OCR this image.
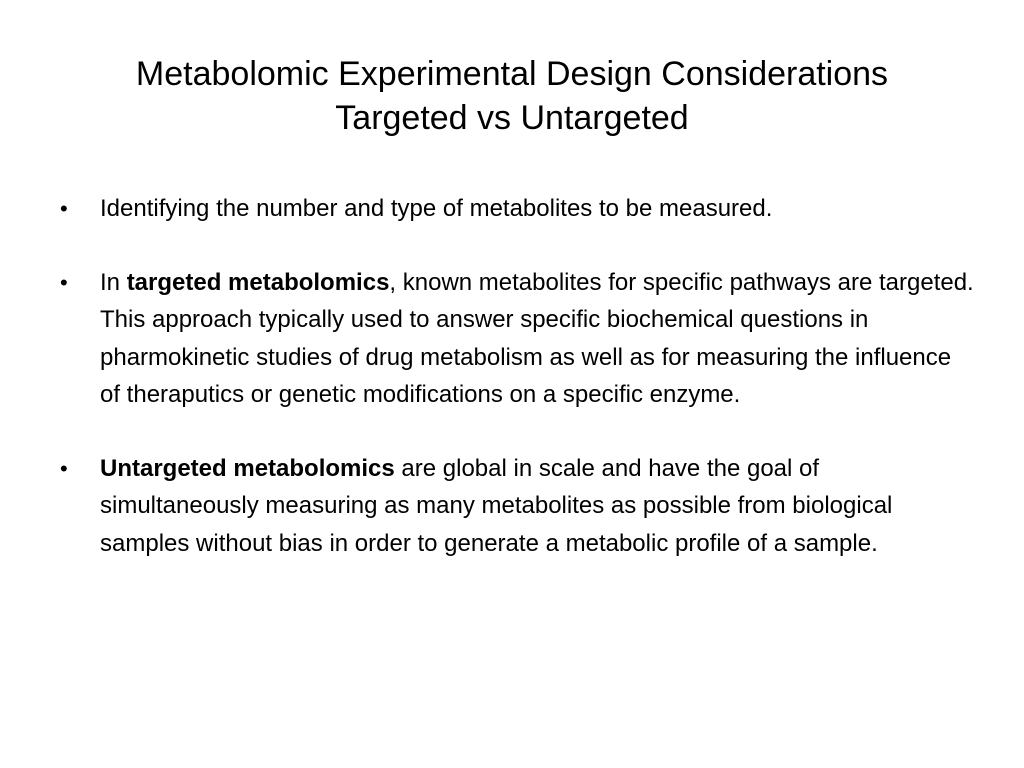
Metabolomic Experimental Design Considerations
Targeted vs Untargeted
• Identifying the number and type of metabolites to be measured.
• In targeted metabolomics, known metabolites for specific pathways are targeted. This approach typically used to answer specific biochemical questions in pharmokinetic studies of drug metabolism as well as for measuring the influence of theraputics or genetic modifications on a specific enzyme.
• Untargeted metabolomics are global in scale and have the goal of simultaneously measuring as many metabolites as possible from biological samples without bias in order to generate a metabolic profile of a sample.
